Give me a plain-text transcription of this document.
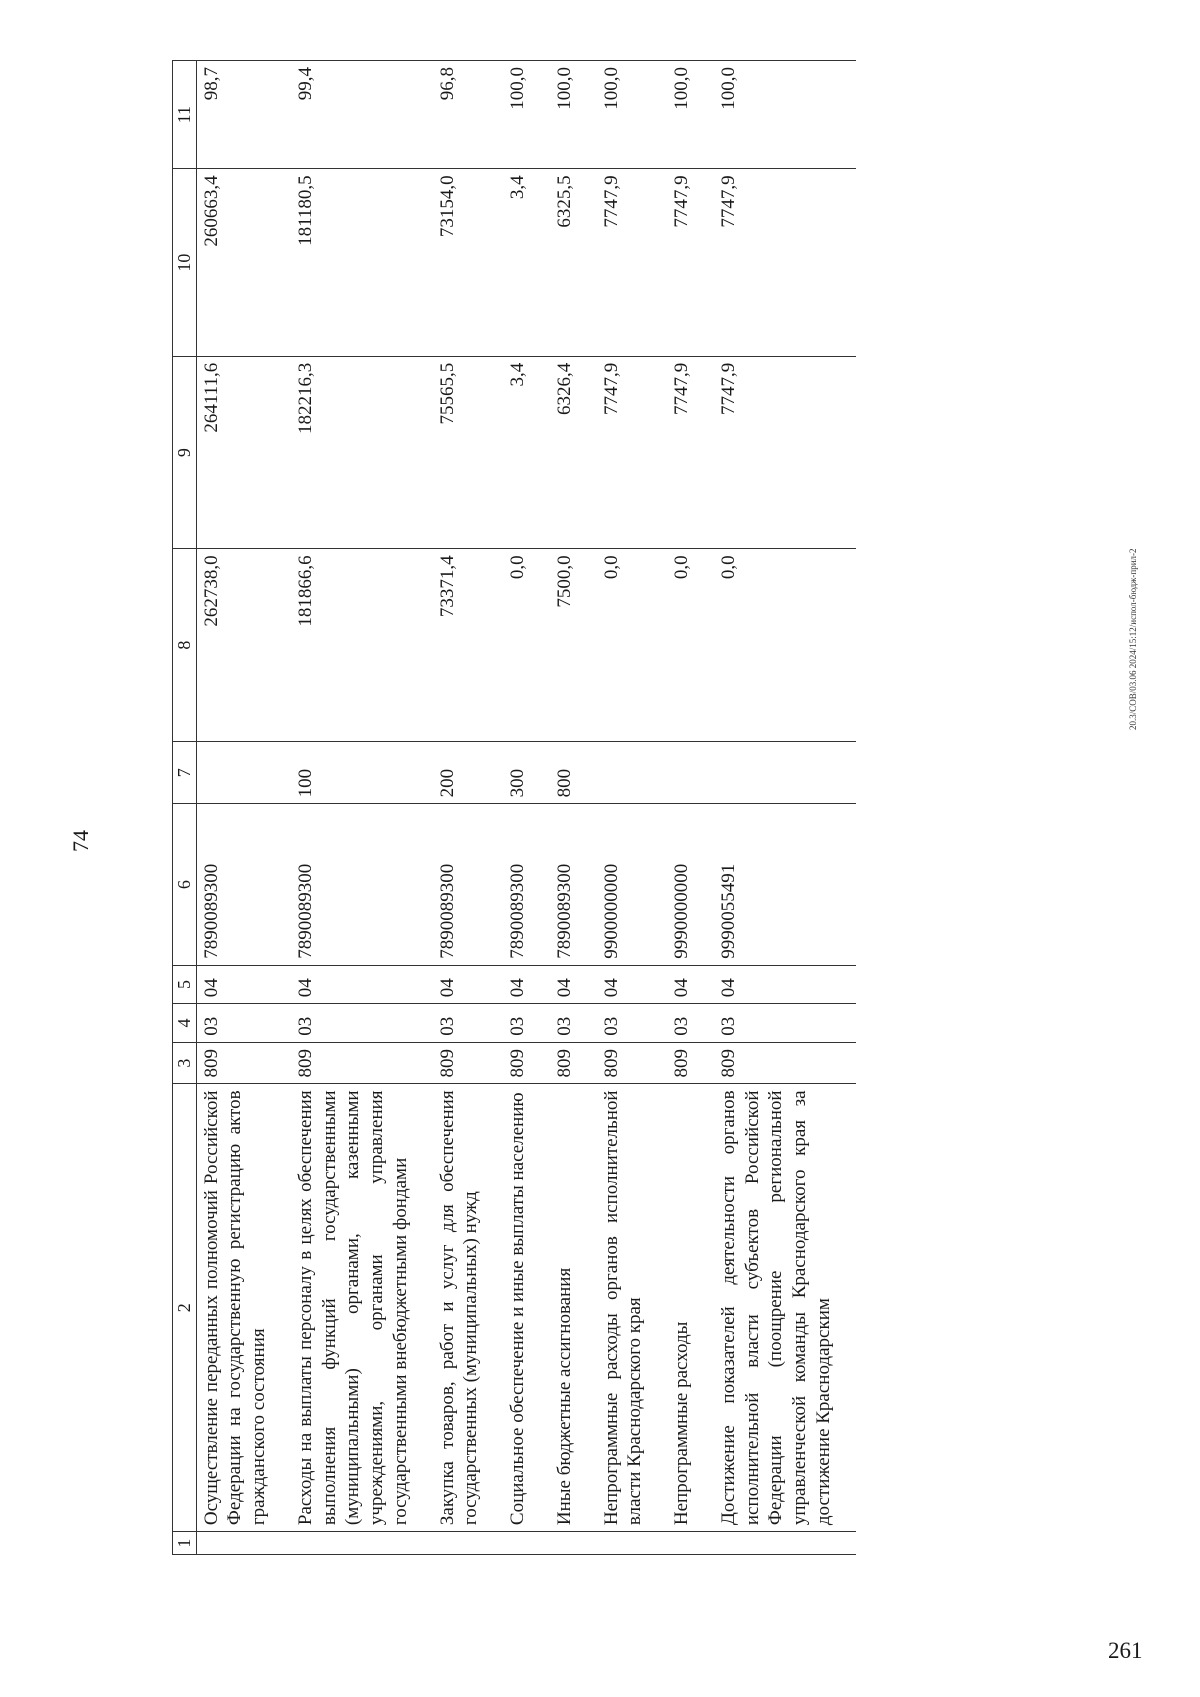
74
261
20.3/СОВ/03.06 2024/15:12/испол-бюдж-прил-2
1	2	3	4	5	6	7	8	9	10	11
	Осуществление переданных полномочий Российской Федерации на государственную регистрацию актов гражданского состояния	809	03	04	7890089300		262738,0	264111,6	260663,4	98,7
	Расходы на выплаты персоналу в целях обеспечения выполнения функций государственными (муниципальными) органами, казенными учреждениями, органами управления государственными внебюджетными фондами	809	03	04	7890089300	100	181866,6	182216,3	181180,5	99,4
	Закупка товаров, работ и услуг для обеспечения государственных (муниципальных) нужд	809	03	04	7890089300	200	73371,4	75565,5	73154,0	96,8
	Социальное обеспечение и иные выплаты населению	809	03	04	7890089300	300	0,0	3,4	3,4	100,0
	Иные бюджетные ассигнования	809	03	04	7890089300	800	7500,0	6326,4	6325,5	100,0
	Непрограммные расходы органов исполнительной власти Краснодарского края	809	03	04	9900000000		0,0	7747,9	7747,9	100,0
	Непрограммные расходы	809	03	04	9990000000		0,0	7747,9	7747,9	100,0
	Достижение показателей деятельности органов исполнительной власти субъектов Российской Федерации (поощрение региональной управленческой команды Краснодарского края за достижение Краснодарским	809	03	04	9990055491		0,0	7747,9	7747,9	100,0
